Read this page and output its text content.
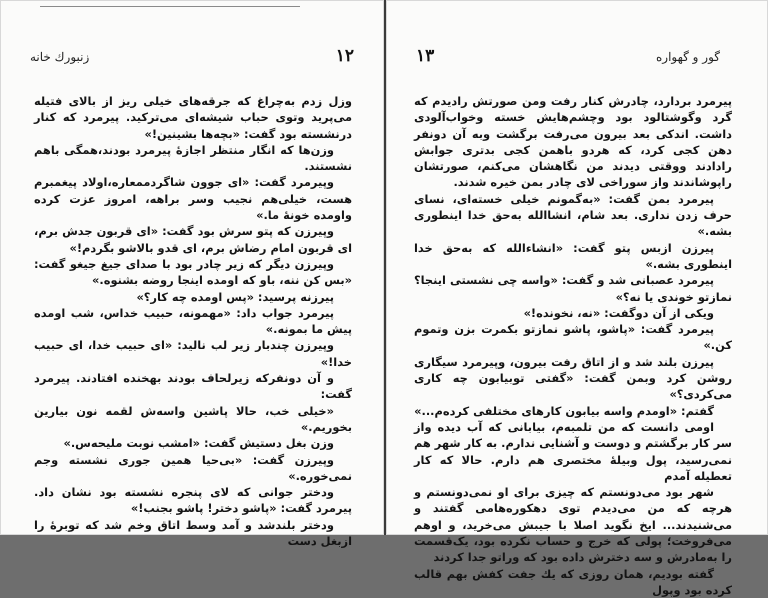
۱۲
زنبورك خانه

وزل زدم به‌چراغ که جرقه‌های خیلی ریز از بالای فتیله می‌پرید وتوی حباب شیشه‌ای می‌ترکید. پیرمرد که کنار درنشسته بود گفت: «بچه‌ها بشینین!»

وزن‌ها که انگار منتظر اجازهٔ پیرمرد بودند،همگی باهم نشستند.

وپیرمرد گفت: «ای جوون شاگردممعاره،اولاد پیغمبرم هست، خیلی‌هم نجیب وسر براهه، امروز عزت کرده واومده خونهٔ ما.»

وپیرزن که پتو سرش بود گفت: «ای قربون جدش برم، ای قربون امام رضاش برم، ای قدو بالاشو بگردم!»

وپیرزن دیگر که زیر چادر بود با صدای جیغ جیغو گفت: «بس کن ننه، باو که اومده اینجا روضه بشنوه.»

پیرزنه پرسید: «پس اومده چه کار؟»

پیرمرد جواب داد: «مهمونه، حبیب خداس، شب اومده پیش ما بمونه.»

وپیرزن چندبار زیر لب نالید: «ای حبیب خدا، ای حبیب خدا!»

و آن دونفرکه زیرلحاف بودند بهخنده افتادند. پیرمرد گفت:

«خیلی خب، حالا پاشین واسه‌ش لقمه نون بیارین بخوریم.»

وزن بغل دستیش گفت: «امشب نوبت ملیحه‌س.»

وپیرزن گفت: «بی‌حیا همین جوری نشسته وجم نمی‌خوره.»

ودختر جوانی که لای پنجره نشسته بود نشان داد. پیرمرد گفت: «پاشو دختر! پاشو بجنب!»

ودختر بلندشد و آمد وسط اتاق وخم شد که توبرهٔ را ازبغل دست

گور و گهواره
۱۳

پیرمرد بردارد، چادرش کنار رفت ومن صورتش رادیدم که گرد وگوشتالود بود وچشم‌هایش خسته وخواب‌آلودی داشت. اندکی بعد بیرون می‌رفت برگشت وبه آن دونفر دهن کجی کرد، که هردو باهمن کجی بدتری جوابش رادادند ووقتی دیدند من نگاهشان می‌کنم، صورتشان راپوشاندند واز سوراخی لای چادر بمن خیره شدند.

پیرمرد بمن گفت: «به‌گمونم خیلی خسته‌ای، نسای حرف زدن نداری. بعد شام، انشاالله به‌حق خدا اینطوری بشه.»

پیرزن ازبس پتو گفت: «انشاءالله که به‌حق خدا اینطوری بشه.»

پیرمرد عصبانی شد و گفت: «واسه چی نشستی اینجا؟ نمازتو خوندی یا نه؟»

ویکی از آن دوگفت: «نه، نخونده!»

پیرمرد گفت: «پاشو، پاشو نمازتو بکمرت بزن وتموم کن.»

پیرزن بلند شد و از اتاق رفت بیرون، وپیرمرد سیگاری روشن کرد وبمن گفت: «گفتی توبیابون چه کاری می‌کردی؟»

گفتم: «اومدم واسه بیابون کارهای مختلفی کرده‌م...»

اومی دانست که من تلمبه‌م، بیابانی که آب دیده واز سر کار برگشتم و دوست و آشنایی ندارم. به کار شهر هم نمی‌رسید، پول وبیلهٔ مختصری هم دارم. حالا که کار تعطیله آمدم

شهر بود می‌دونستم که چیزی برای او نمی‌دونستم و هرچه که من می‌دیدم توی دهکوره‌هامی گفتند و می‌شنیدند... ایخ نگوید اصلا با جیبش می‌خرید، و اوهم می‌فروخت؛ پولی که خرج و حساب نکرده بود، یک‌قسمت را به‌مادرش و سه دخترش داده بود که وراتو جدا کردند

گفته بودیم، همان روزی که یك جفت کفش بهم قالب کرده بود وپول
